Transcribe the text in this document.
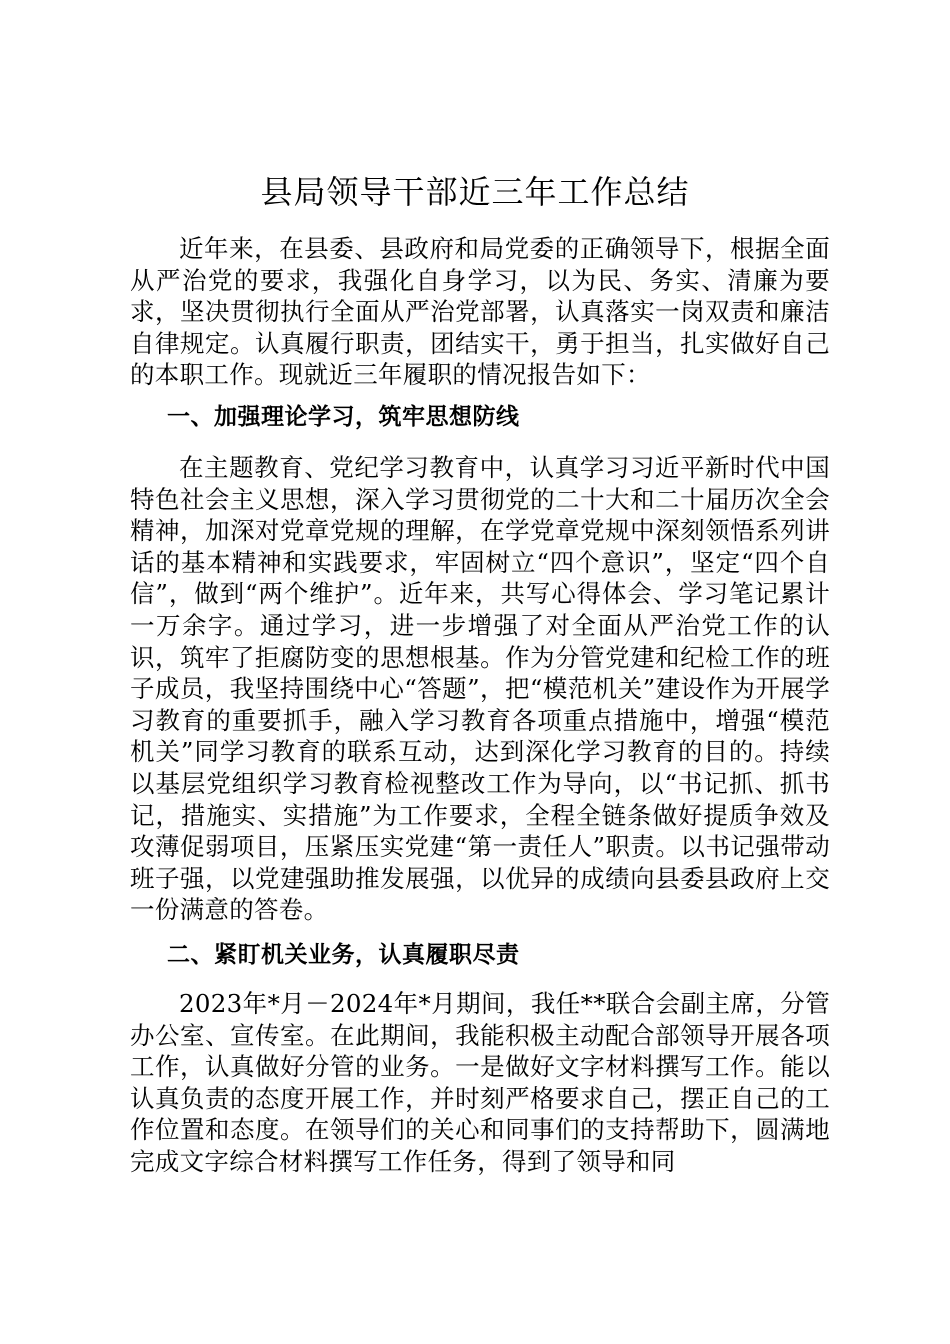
县局领导干部近三年工作总结

近年来，在县委、县政府和局党委的正确领导下，根据全面从严治党的要求，我强化自身学习，以为民、务实、清廉为要求，坚决贯彻执行全面从严治党部署，认真落实一岗双责和廉洁自律规定。认真履行职责，团结实干，勇于担当，扎实做好自己的本职工作。现就近三年履职的情况报告如下：

一、加强理论学习，筑牢思想防线

在主题教育、党纪学习教育中，认真学习习近平新时代中国特色社会主义思想，深入学习贯彻党的二十大和二十届历次全会精神，加深对党章党规的理解，在学党章党规中深刻领悟系列讲话的基本精神和实践要求，牢固树立“四个意识”，坚定“四个自信”，做到“两个维护”。近年来，共写心得体会、学习笔记累计一万余字。通过学习，进一步增强了对全面从严治党工作的认识，筑牢了拒腐防变的思想根基。作为分管党建和纪检工作的班子成员，我坚持围绕中心“答题”，把“模范机关”建设作为开展学习教育的重要抓手，融入学习教育各项重点措施中，增强“模范机关”同学习教育的联系互动，达到深化学习教育的目的。持续以基层党组织学习教育检视整改工作为导向，以“书记抓、抓书记，措施实、实措施”为工作要求，全程全链条做好提质争效及攻薄促弱项目，压紧压实党建“第一责任人”职责。以书记强带动班子强，以党建强助推发展强，以优异的成绩向县委县政府上交一份满意的答卷。

二、紧盯机关业务，认真履职尽责

2023年*月－2024年*月期间，我任**联合会副主席，分管办公室、宣传室。在此期间，我能积极主动配合部领导开展各项工作，认真做好分管的业务。一是做好文字材料撰写工作。能以认真负责的态度开展工作，并时刻严格要求自己，摆正自己的工作位置和态度。在领导们的关心和同事们的支持帮助下，圆满地完成文字综合材料撰写工作任务，得到了领导和同
